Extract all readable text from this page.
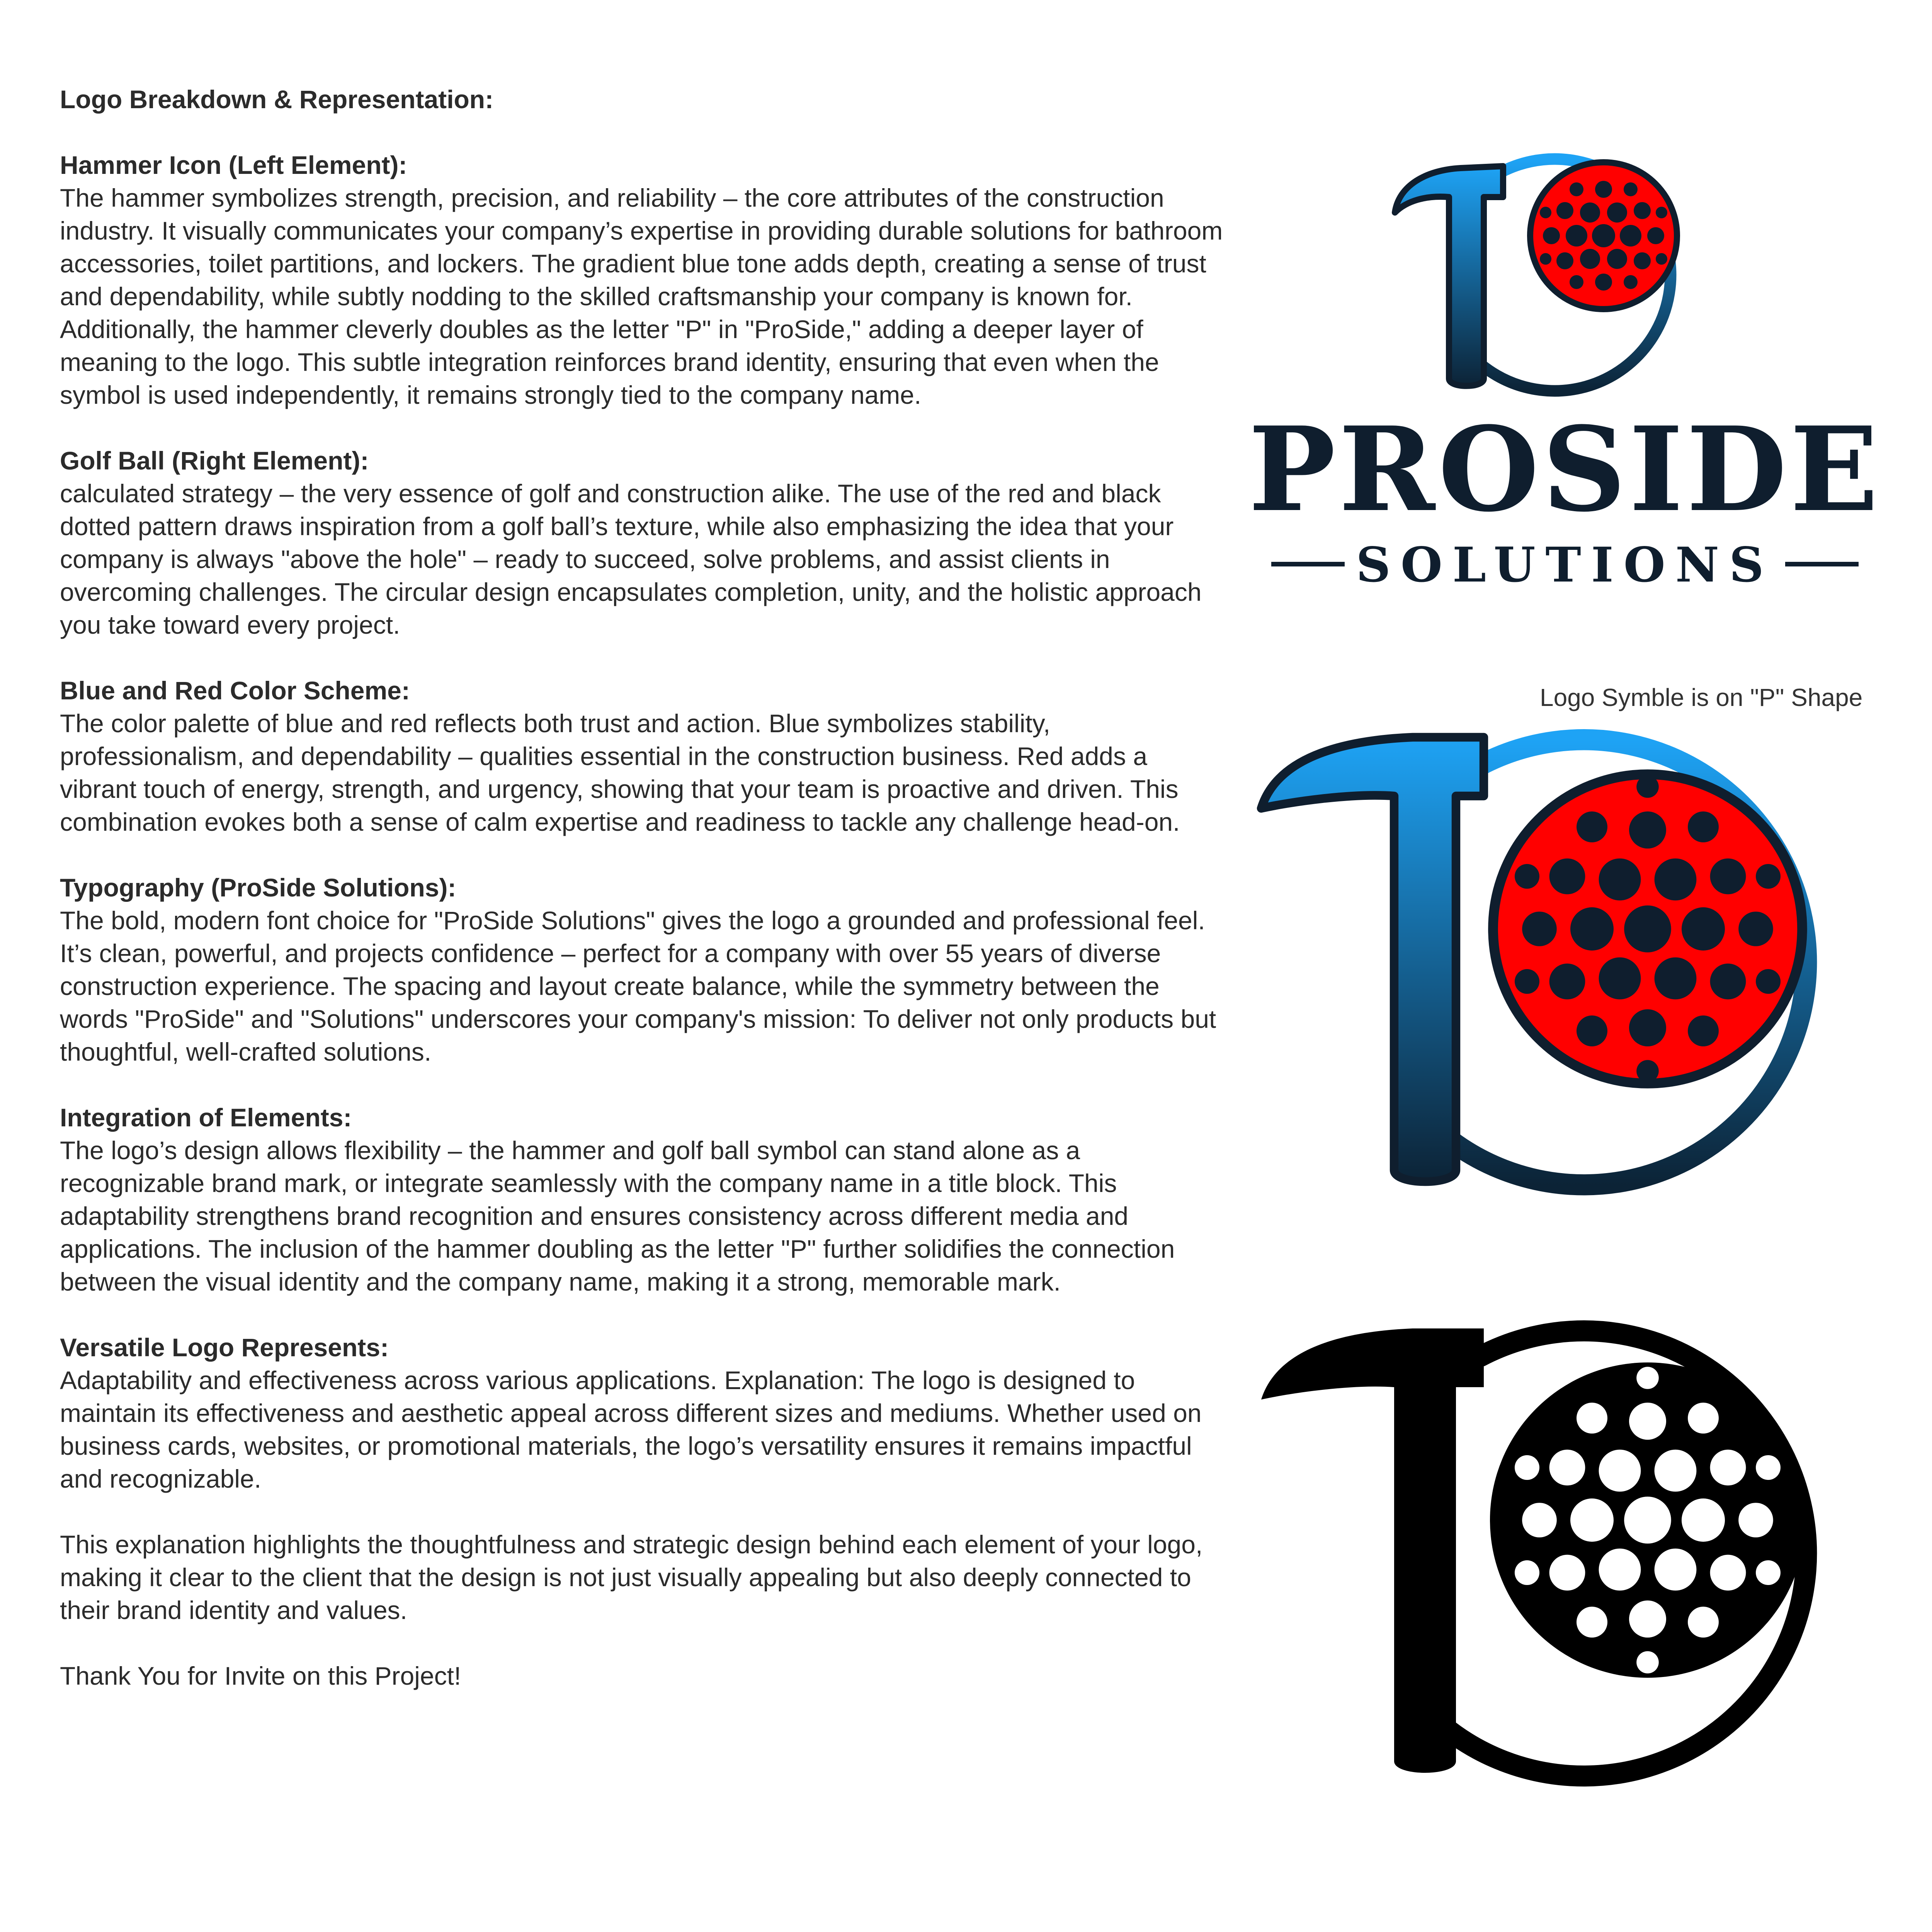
Logo Breakdown & Representation:
Hammer Icon (Left Element):

The hammer symbolizes strength, precision, and reliability – the core attributes of the construction industry. It visually communicates your company’s expertise in providing durable solutions for bathroom accessories, toilet partitions, and lockers. The gradient blue tone adds depth, creating a sense of trust and dependability, while subtly nodding to the skilled craftsmanship your company is known for. Additionally, the hammer cleverly doubles as the letter "P" in "ProSide," adding a deeper layer of meaning to the logo. This subtle integration reinforces brand identity, ensuring that even when the symbol is used independently, it remains strongly tied to the company name.

Golf Ball (Right Element):

calculated strategy – the very essence of golf and construction alike. The use of the red and black dotted pattern draws inspiration from a golf ball’s texture, while also emphasizing the idea that your company is always "above the hole" – ready to succeed, solve problems, and assist clients in overcoming challenges. The circular design encapsulates completion, unity, and the holistic approach you take toward every project.

Blue and Red Color Scheme:

The color palette of blue and red reflects both trust and action. Blue symbolizes stability, professionalism, and dependability – qualities essential in the construction business. Red adds a vibrant touch of energy, strength, and urgency, showing that your team is proactive and driven. This combination evokes both a sense of calm expertise and readiness to tackle any challenge head-on.

Typography (ProSide Solutions):

The bold, modern font choice for "ProSide Solutions" gives the logo a grounded and professional feel. It’s clean, powerful, and projects confidence – perfect for a company with over 55 years of diverse construction experience. The spacing and layout create balance, while the symmetry between the words "ProSide" and "Solutions" underscores your company's mission: To deliver not only products but thoughtful, well-crafted solutions.

Integration of Elements:

The logo’s design allows flexibility – the hammer and golf ball symbol can stand alone as a recognizable brand mark, or integrate seamlessly with the company name in a title block. This adaptability strengthens brand recognition and ensures consistency across different media and applications. The inclusion of the hammer doubling as the letter "P" further solidifies the connection between the visual identity and the company name, making it a strong, memorable mark.

Versatile Logo Represents:

Adaptability and effectiveness across various applications. Explanation: The logo is designed to maintain its effectiveness and aesthetic appeal across different sizes and mediums. Whether used on business cards, websites, or promotional materials, the logo’s versatility ensures it remains impactful and recognizable.

This explanation highlights the thoughtfulness and strategic design behind each element of your logo, making it clear to the client that the design is not just visually appealing but also deeply connected to their brand identity and values.

Thank You for Invite on this Project!

PROSIDE
SOLUTIONS
Logo Symble is on "P" Shape
